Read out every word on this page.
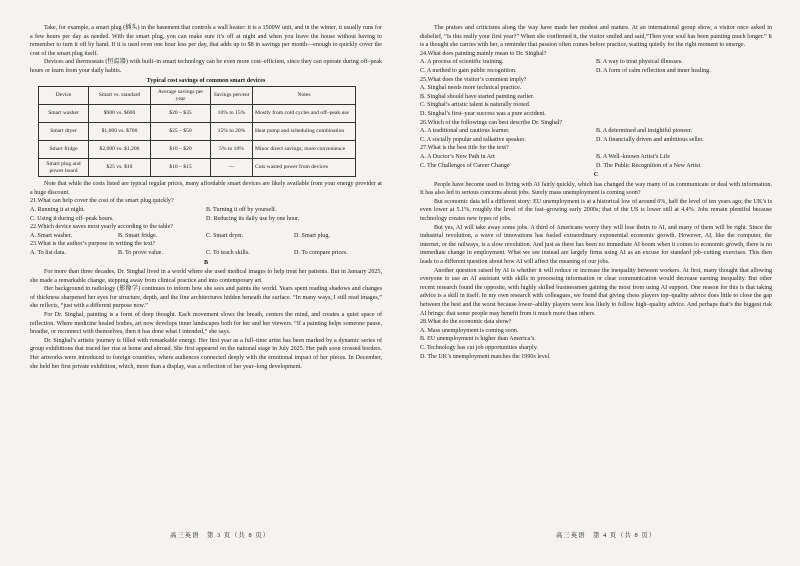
Take, for example, a smart plug (插头) in the basement that controls a wall heater: it is a 1500W unit, and in the winter, it usually runs for a few hours per day as needed. With the smart plug, you can make sure it’s off at night and when you leave the house without having to remember to turn it off by hand. If it is used even one hour less per day, that adds up to $8 in savings per month—enough to quickly cover the cost of the smart plug itself.

Devices and thermostats (恒温器) with built–in smart technology can be even more cost–efficient, since they can operate during off–peak hours or learn from your daily habits.

Typical cost savings of common smart devices
Device	Smart vs. standard	Average savings per year	Savings percent	Notes
Smart washer	$900 vs. $600	$20 – $35	10% to 15%	Mostly from cold cycles and off–peak use
Smart dryer	$1,000 vs. $700	$25 – $50	15% to 20%	Heat pump and scheduling combination
Smart fridge	$2,000 vs. $1,200	$10 – $20	5% to 10%	Minor direct savings; more convenience
Smart plug and power board	$25 vs. $10	$10 – $15	—	Cuts wasted power from devices

Note that while the costs listed are typical regular prices, many affordable smart devices are likely available from your energy provider at a huge discount.

21.What can help cover the cost of the smart plug quickly?
A. Running it at night.	B. Turning it off by yourself.
C. Using it during off–peak hours.	D. Reducing its daily use by one hour.
22.Which device saves most yearly according to the table?
A. Smart washer.	B. Smart fridge.	C. Smart dryer.	D. Smart plug.
23.What is the author’s purpose in writing the text?
A. To list data.	B. To prove value.	C. To teach skills.	D. To compare prices.
B

For more than three decades, Dr. Singhal lived in a world where she used medical images to help treat her patients. But in January 2025, she made a remarkable change, stepping away from clinical practice and into contemporary art.

Her background in radiology (影像学) continues to inform how she sees and paints the world. Years spent reading shadows and changes of thickness sharpened her eyes for structure, depth, and the fine architectures hidden beneath the surface. “In many ways, I still read images,” she reflects, “just with a different purpose now.”

For Dr. Singhal, painting is a form of deep thought. Each movement slows the breath, centers the mind, and creates a quiet space of reflection. Where medicine healed bodies, art now develops inner landscapes both for her and her viewers. “If a painting helps someone pause, breathe, or reconnect with themselves, then it has done what I intended,” she says.

Dr. Singhal’s artistic journey is filled with remarkable energy. Her first year as a full–time artist has been marked by a dynamic series of group exhibitions that traced her rise at home and abroad. She first appeared on the national stage in July 2025. Her path soon crossed borders. Her artworks were introduced to foreign countries, where audiences connected deeply with the emotional impact of her pieces. In December, she held her first private exhibition, which, more than a display, was a reflection of her year–long development.

The praises and criticisms along the way have made her modest and mature. At an international group show, a visitor once asked in disbelief, “Is this really your first year?” When she confirmed it, the visitor smiled and said,“Then your soul has been painting much longer.” It is a thought she carries with her, a reminder that passion often comes before practice, waiting quietly for the right moment to emerge.

24.What does painting mainly mean to Dr. Singhal?
A. A process of scientific training.	B. A way to treat physical illnesses.
C. A method to gain public recognition.	D. A form of calm reflection and inner healing.
25.What does the visitor’s comment imply?
A. Singhal needs more technical practice.
B. Singhal should have started painting earlier.
C. Singhal’s artistic talent is naturally rooted.
D. Singhal’s first–year success was a pure accident.
26.Which of the followings can best describe Dr. Singhal?
A. A traditional and cautious learner.	B. A determined and insightful pioneer.
C. A socially popular and talkative speaker.	D. A financially driven and ambitious seller.
27.What is the best title for the text?
A. A Doctor’s New Path in Art	B. A Well–known Artist’s Life
C. The Challenges of Career Change	D. The Public Recognition of a New Artist
C

People have become used to living with AI fairly quickly, which has changed the way many of us communicate or deal with information. It has also led to serious concerns about jobs. Surely mass unemployment is coming soon?

But economic data tell a different story: EU unemployment is at a historical low of around 6%, half the level of ten years ago; the UK’s is even lower at 5.1%, roughly the level of the fast–growing early 2000s; that of the US is lower still at 4.4%. Jobs remain plentiful because technology creates new types of jobs.

But yes, AI will take away some jobs. A third of Americans worry they will lose theirs to AI, and many of them will be right. Since the industrial revolution, a wave of innovations has fueled extraordinary exponential economic growth. However, AI, like the computer, the internet, or the railways, is a slow revolution. And just as there has been no immediate AI boom when it comes to economic growth, there is no immediate change in employment. What we see instead are largely firms using AI as an excuse for standard job–cutting exercises. This then leads to a different question about how AI will affect the meaning of our jobs.

Another question raised by AI is whether it will reduce or increase the inequality between workers. At first, many thought that allowing everyone to use an AI assistant with skills in processing information or clear communication would decrease earning inequality. But other recent research found the opposite, with highly skilled businessmen gaining the most from using AI support. One reason for this is that taking advice is a skill in itself. In my own research with colleagues, we found that giving chess players top–quality advice does little to close the gap between the best and the worst because lower–ability players were less likely to follow high–quality advice. And perhaps that’s the biggest risk AI brings: that some people may benefit from it much more than others.

28.What do the economic data show?
A. Mass unemployment is coming soon.
B. EU unemployment is higher than America’s.
C. Technology has cut job opportunities sharply.
D. The UK’s unemployment matches the 1990s level.
高三英语　第 3 页（共 8 页）	高三英语　第 4 页（共 8 页）
